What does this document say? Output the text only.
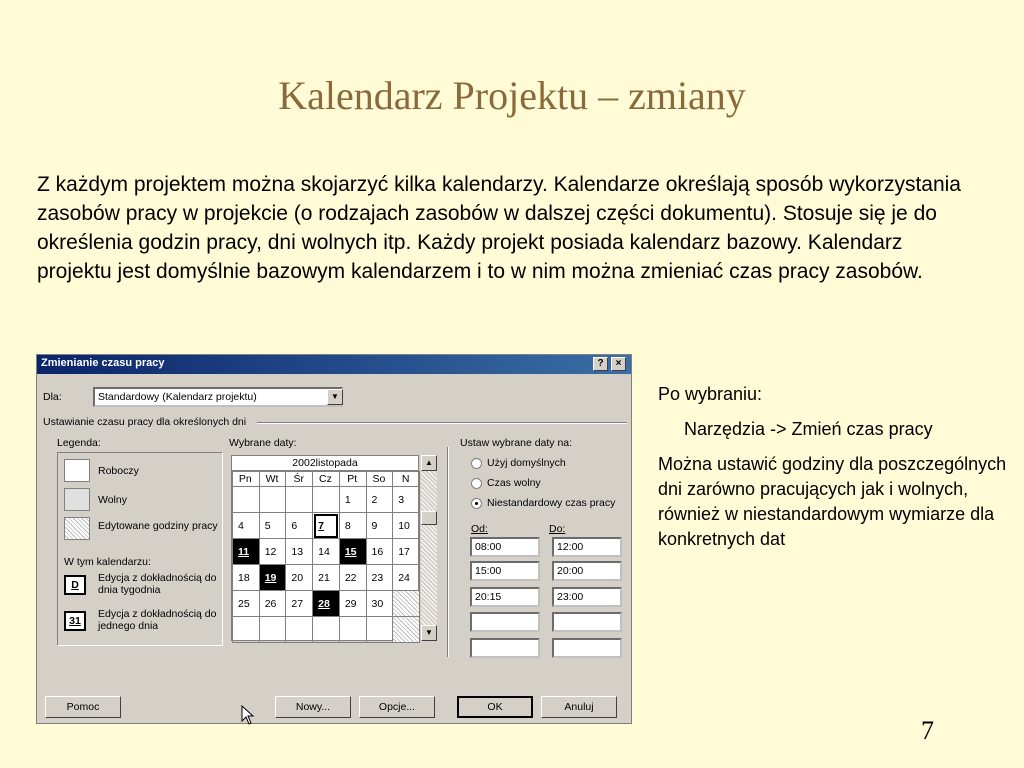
Kalendarz Projektu – zmiany
Z każdym projektem można skojarzyć kilka kalendarzy. Kalendarze określają sposób wykorzystania zasobów pracy w projekcie (o rodzajach zasobów w dalszej części dokumentu). Stosuje się je do określenia godzin pracy, dni wolnych itp. Każdy projekt posiada kalendarz bazowy. Kalendarz projektu jest domyślnie bazowym kalendarzem i to w nim można zmieniać czas pracy zasobów.

Po wybraniu:

Narzędzia -> Zmień czas pracy

Można ustawić godziny dla poszczególnych dni zarówno pracujących jak i wolnych, również w niestandardowym wymiarze dla konkretnych dat

7
Zmienianie czasu pracy	?	×
Dla:	Standardowy (Kalendarz projektu)	▼
Ustawianie czasu pracy dla określonych dni
Legenda:
Roboczy
Wolny
Edytowane godziny pracy
W tym kalendarzu:
D
Edycja z dokładnością do dnia tygodnia
31
Edycja z dokładnością do jednego dnia
Wybrane daty:
2002listopada
Pn	Wt	Śr	Cz	Pt	So	N
				1	2	3
4	5	6	7	8	9	10
11	12	13	14	15	16	17
18	19	20	21	22	23	24
25	26	27	28	29	30	

▲
▼
Ustaw wybrane daty na:
Użyj domyślnych
Czas wolny
Niestandardowy czas pracy
Od:	Do:
08:00	12:00
15:00	20:00
20:15	23:00
Pomoc	Nowy...	Opcje...	OK	Anuluj
